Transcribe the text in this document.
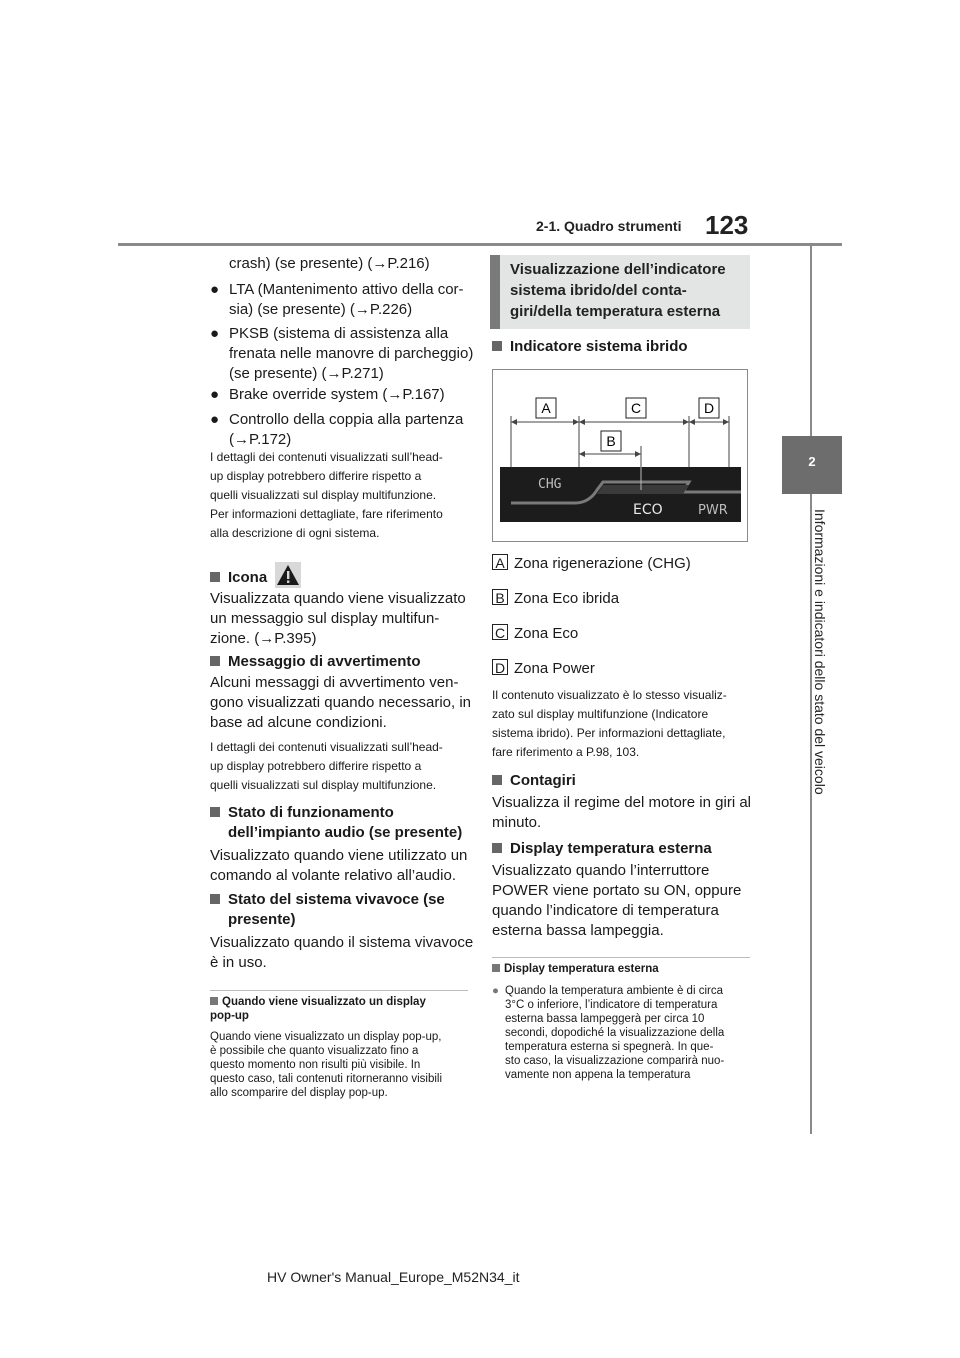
2-1. Quadro strumenti 123
2
Informazioni e indicatori dello stato del veicolo
crash) (se presente) (→P.216)
● LTA (Mantenimento attivo della cor-
sia) (se presente) (→P.226)
● PKSB (sistema di assistenza alla
frenata nelle manovre di parcheggio)
(se presente) (→P.271)
● Brake override system (→P.167)
● Controllo della coppia alla partenza
(→P.172)
I dettagli dei contenuti visualizzati sull’head-
up display potrebbero differire rispetto a
quelli visualizzati sul display multifunzione.
Per informazioni dettagliate, fare riferimento
alla descrizione di ogni sistema.
Icona
Visualizzata quando viene visualizzato
un messaggio sul display multifun-
zione. (→P.395)
Messaggio di avvertimento
Alcuni messaggi di avvertimento ven-
gono visualizzati quando necessario, in
base ad alcune condizioni.
I dettagli dei contenuti visualizzati sull’head-
up display potrebbero differire rispetto a
quelli visualizzati sul display multifunzione.
Stato di funzionamento
dell’impianto audio (se presente)
Visualizzato quando viene utilizzato un
comando al volante relativo all’audio.
Stato del sistema vivavoce (se
presente)
Visualizzato quando il sistema vivavoce
è in uso.
Quando viene visualizzato un display
pop-up
Quando viene visualizzato un display pop-up,
è possibile che quanto visualizzato fino a
questo momento non risulti più visibile. In
questo caso, tali contenuti ritorneranno visibili
allo scomparire del display pop-up.
Visualizzazione dell’indicatore
sistema ibrido/del conta-
giri/della temperatura esterna
Indicatore sistema ibrido
A	C	D
B
CHG
ECO	PWR
A Zona rigenerazione (CHG)
B Zona Eco ibrida
C Zona Eco
D Zona Power
Il contenuto visualizzato è lo stesso visualiz-
zato sul display multifunzione (Indicatore
sistema ibrido). Per informazioni dettagliate,
fare riferimento a P.98, 103.
Contagiri
Visualizza il regime del motore in giri al
minuto.
Display temperatura esterna
Visualizzato quando l’interruttore
POWER viene portato su ON, oppure
quando l’indicatore di temperatura
esterna bassa lampeggia.
Display temperatura esterna
● Quando la temperatura ambiente è di circa
3°C o inferiore, l’indicatore di temperatura
esterna bassa lampeggerà per circa 10
secondi, dopodiché la visualizzazione della
temperatura esterna si spegnerà. In que-
sto caso, la visualizzazione comparirà nuo-
vamente non appena la temperatura
HV Owner's Manual_Europe_M52N34_it
